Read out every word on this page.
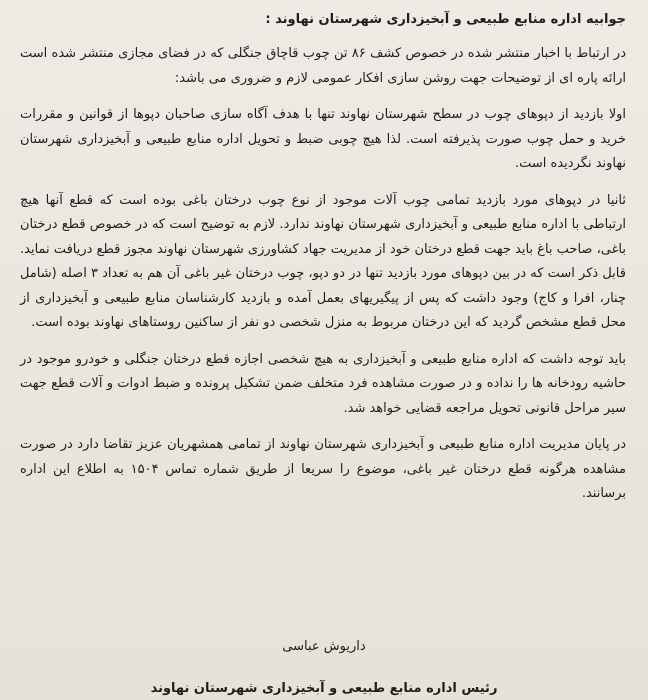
جوابیه اداره منابع طبیعی و آبخیزداری شهرستان نهاوند :

در ارتباط با اخبار منتشر شده در خصوص کشف ۸۶ تن چوب قاچاق جنگلی که در فضای مجازی منتشر شده است ارائه پاره ای از توضیحات جهت روشن سازی افکار عمومی لازم و ضروری می باشد:

اولا بازدید از دپوهای چوب در سطح شهرستان نهاوند تنها با هدف آگاه سازی صاحبان دپوها از قوانین و مقررات خرید و حمل چوب صورت پذیرفته است. لذا هیچ چوبی ضبط و تحویل اداره منابع طبیعی و آبخیزداری شهرستان نهاوند نگردیده است.

ثانیا در دپوهای مورد بازدید تمامی چوب آلات موجود از نوع چوب درختان باغی بوده است که قطع آنها هیچ ارتباطی با اداره منابع طبیعی و آبخیزداری شهرستان نهاوند ندارد. لازم به توضیح است که در خصوص قطع درختان باغی، صاحب باغ باید جهت قطع درختان خود از مدیریت جهاد کشاورزی شهرستان نهاوند مجوز قطع دریافت نماید. قابل ذکر است که در بین دپوهای مورد بازدید تنها در دو دپو، چوب درختان غیر باغی آن هم به تعداد ۳ اصله (شامل چنار، افرا و کاج) وجود داشت که پس از پیگیریهای بعمل آمده و بازدید کارشناسان منابع طبیعی و آبخیزداری از محل قطع مشخص گردید که این درختان مربوط به منزل شخصی دو نفر از ساکنین روستاهای نهاوند بوده است.

باید توجه داشت که اداره منابع طبیعی و آبخیزداری به هیچ شخصی اجازه قطع درختان جنگلی و خودرو موجود در حاشیه رودخانه ها را نداده و در صورت مشاهده فرد متخلف ضمن تشکیل پرونده و ضبط ادوات و آلات قطع جهت سیر مراحل قانونی تحویل مراجعه قضایی خواهد شد.

در پایان مدیریت اداره منابع طبیعی و آبخیزداری شهرستان نهاوند از تمامی همشهریان عزیز تقاضا دارد در صورت مشاهده هرگونه قطع درختان غیر باغی، موضوع را سریعا از طریق شماره تماس ۱۵۰۴ به اطلاع این اداره برسانند.

داریوش عباسی
رئیس اداره منابع طبیعی و آبخیزداری شهرستان نهاوند
